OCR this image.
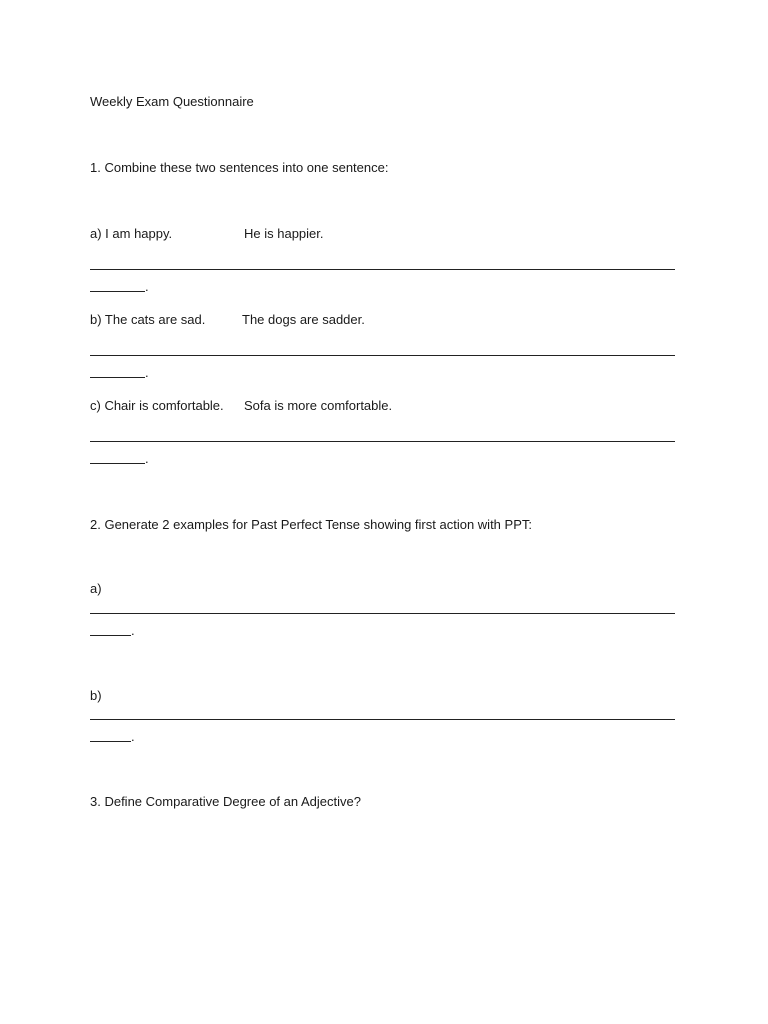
Weekly Exam Questionnaire
1. Combine these two sentences into one sentence:
a) I am happy.	He is happier.
.
b) The cats are sad.	The dogs are sadder.
.
c) Chair is comfortable. Sofa is more comfortable.
.
2. Generate 2 examples for Past Perfect Tense showing first action with PPT:
a)
.
b)
.
3. Define Comparative Degree of an Adjective?
